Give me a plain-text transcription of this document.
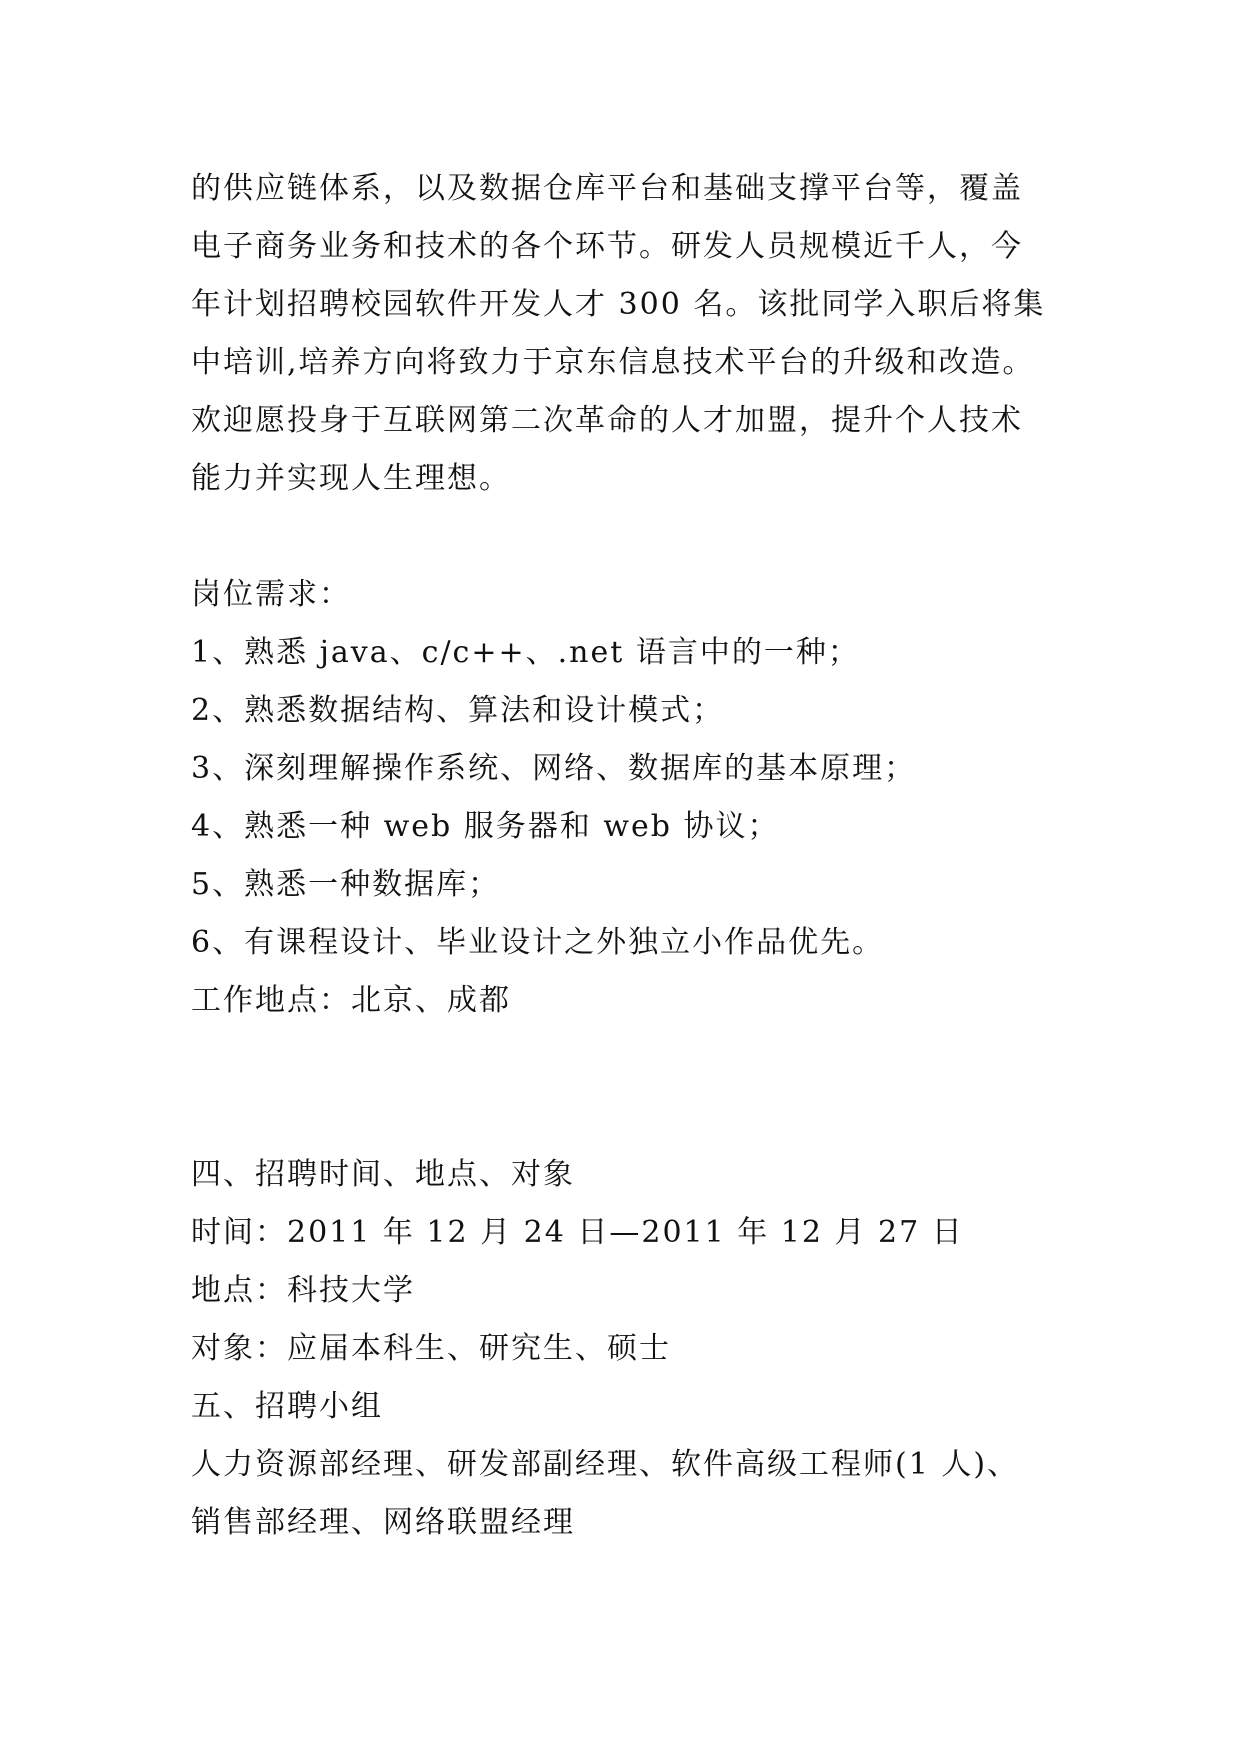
的供应链体系，以及数据仓库平台和基础支撑平台等，覆盖

电子商务业务和技术的各个环节。研发人员规模近千人，今

年计划招聘校园软件开发人才 300 名。该批同学入职后将集

中培训,培养方向将致力于京东信息技术平台的升级和改造。

欢迎愿投身于互联网第二次革命的人才加盟，提升个人技术

能力并实现人生理想。

岗位需求：

1、熟悉 java、c/c++、.net 语言中的一种；

2、熟悉数据结构、算法和设计模式；

3、深刻理解操作系统、网络、数据库的基本原理；

4、熟悉一种 web 服务器和 web 协议；

5、熟悉一种数据库；

6、有课程设计、毕业设计之外独立小作品优先。

工作地点：北京、成都

四、招聘时间、地点、对象

时间：2011 年 12 月 24 日—2011 年 12 月 27 日

地点：科技大学

对象：应届本科生、研究生、硕士

五、招聘小组

人力资源部经理、研发部副经理、软件高级工程师(1 人)、

销售部经理、网络联盟经理
